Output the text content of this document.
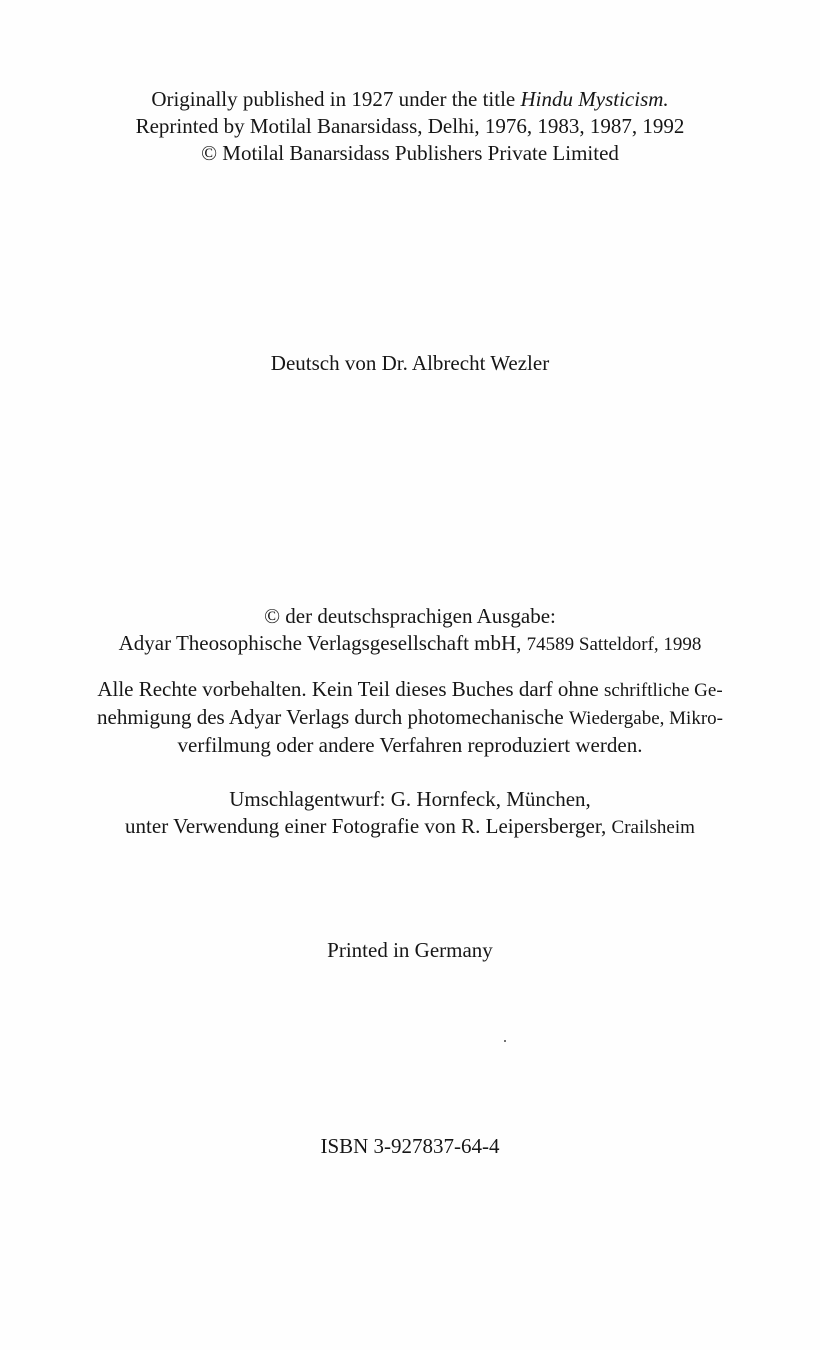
Originally published in 1927 under the title Hindu Mysticism.
Reprinted by Motilal Banarsidass, Delhi, 1976, 1983, 1987, 1992
© Motilal Banarsidass Publishers Private Limited
Deutsch von Dr. Albrecht Wezler
© der deutschsprachigen Ausgabe:
Adyar Theosophische Verlagsgesellschaft mbH, 74589 Satteldorf, 1998
Alle Rechte vorbehalten. Kein Teil dieses Buches darf ohne schriftliche Ge-
nehmigung des Adyar Verlags durch photomechanische Wiedergabe, Mikro-
verfilmung oder andere Verfahren reproduziert werden.
Umschlagentwurf: G. Hornfeck, München,
unter Verwendung einer Fotografie von R. Leipersberger, Crailsheim
Printed in Germany
ISBN 3-927837-64-4
